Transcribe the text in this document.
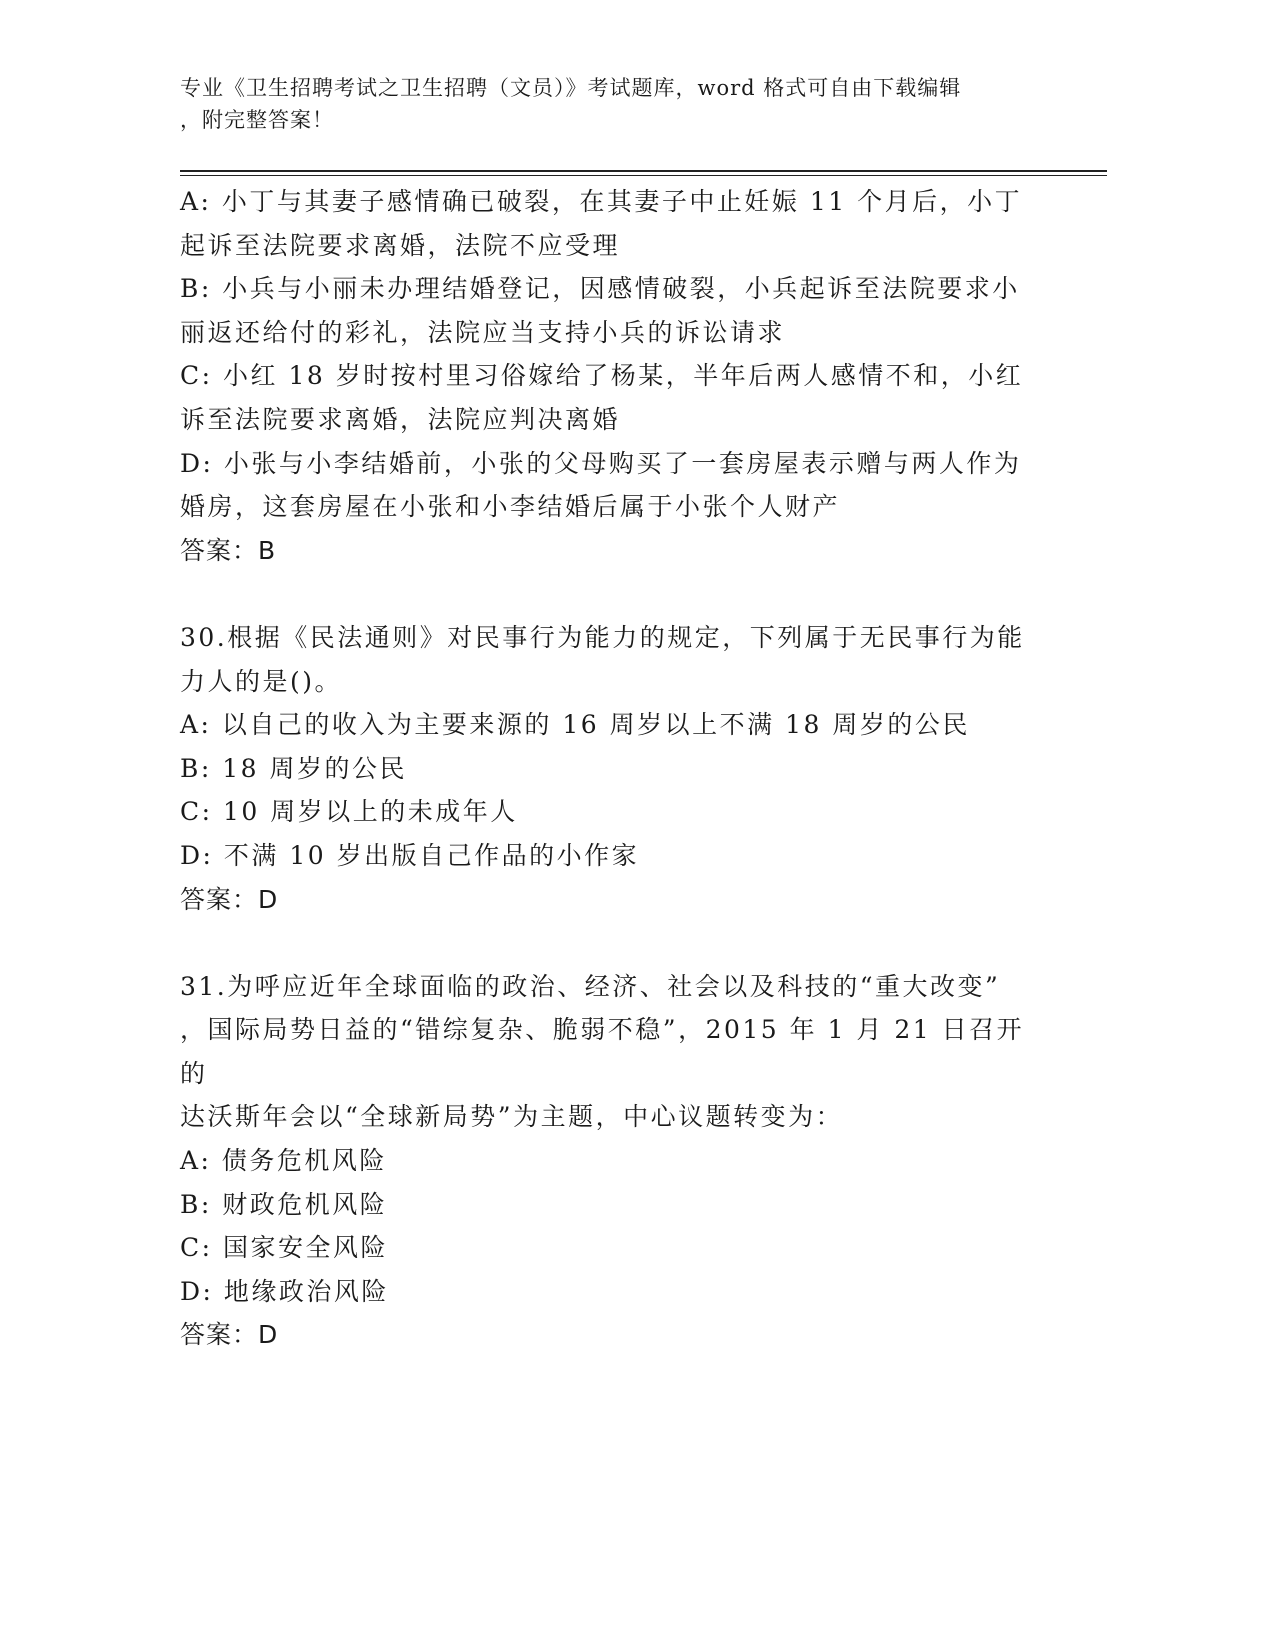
专业《卫生招聘考试之卫生招聘（文员）》考试题库，word 格式可自由下载编辑
，附完整答案！

A: 小丁与其妻子感情确已破裂，在其妻子中止妊娠 11 个月后，小丁

起诉至法院要求离婚，法院不应受理

B: 小兵与小丽未办理结婚登记，因感情破裂，小兵起诉至法院要求小

丽返还给付的彩礼，法院应当支持小兵的诉讼请求

C: 小红 18 岁时按村里习俗嫁给了杨某，半年后两人感情不和，小红

诉至法院要求离婚，法院应判决离婚

D: 小张与小李结婚前，小张的父母购买了一套房屋表示赠与两人作为

婚房，这套房屋在小张和小李结婚后属于小张个人财产

答案：B

30.根据《民法通则》对民事行为能力的规定，下列属于无民事行为能

力人的是()。

A: 以自己的收入为主要来源的 16 周岁以上不满 18 周岁的公民

B: 18 周岁的公民

C: 10 周岁以上的未成年人

D: 不满 10 岁出版自己作品的小作家

答案：D

31.为呼应近年全球面临的政治、经济、社会以及科技的“重大改变”

，国际局势日益的“错综复杂、脆弱不稳”，2015 年 1 月 21 日召开的

达沃斯年会以“全球新局势”为主题，中心议题转变为：

A: 债务危机风险

B: 财政危机风险

C: 国家安全风险

D: 地缘政治风险

答案：D
